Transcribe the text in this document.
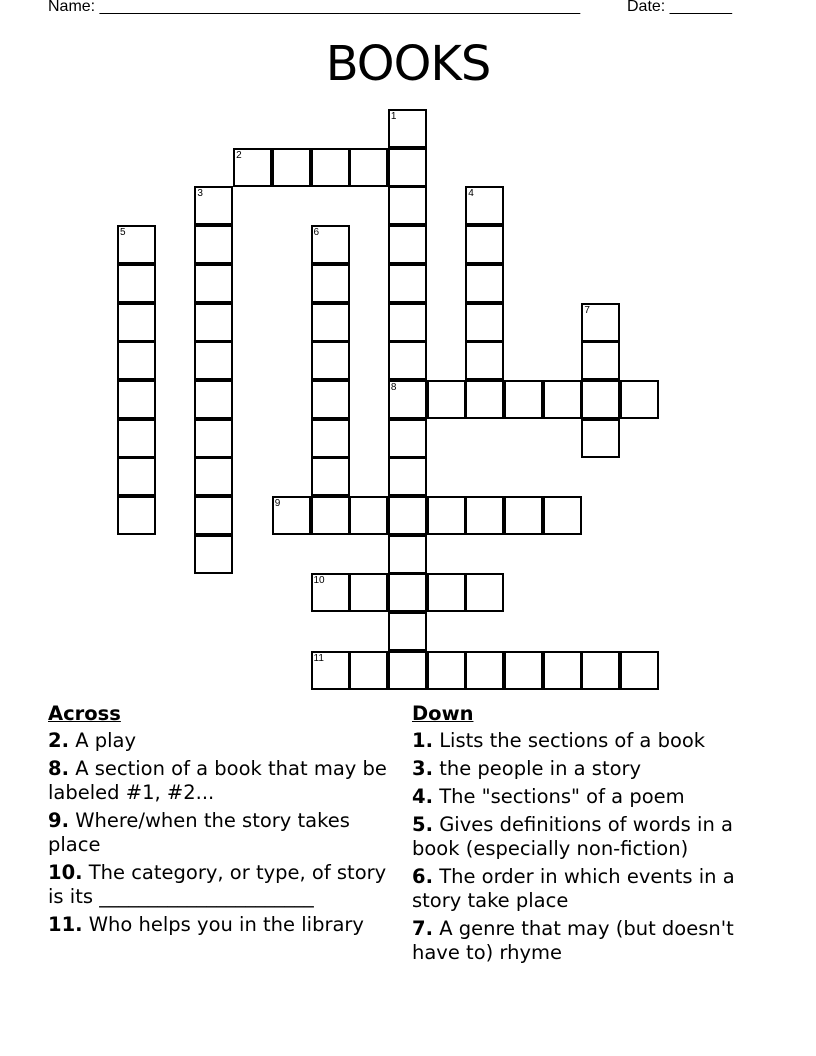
Name: ______________________________________________________	Date: _______
BOOKS
1
2
3	4
5	6
7
8
9
10
11
Across
2. A play
8. A section of a book that may be labeled #1, #2...
9. Where/when the story takes place
10. The category, or type, of story is its ______________________
11. Who helps you in the library
Down
1. Lists the sections of a book
3. the people in a story
4. The "sections" of a poem
5. Gives definitions of words in a book (especially non-fiction)
6. The order in which events in a story take place
7. A genre that may (but doesn't have to) rhyme
